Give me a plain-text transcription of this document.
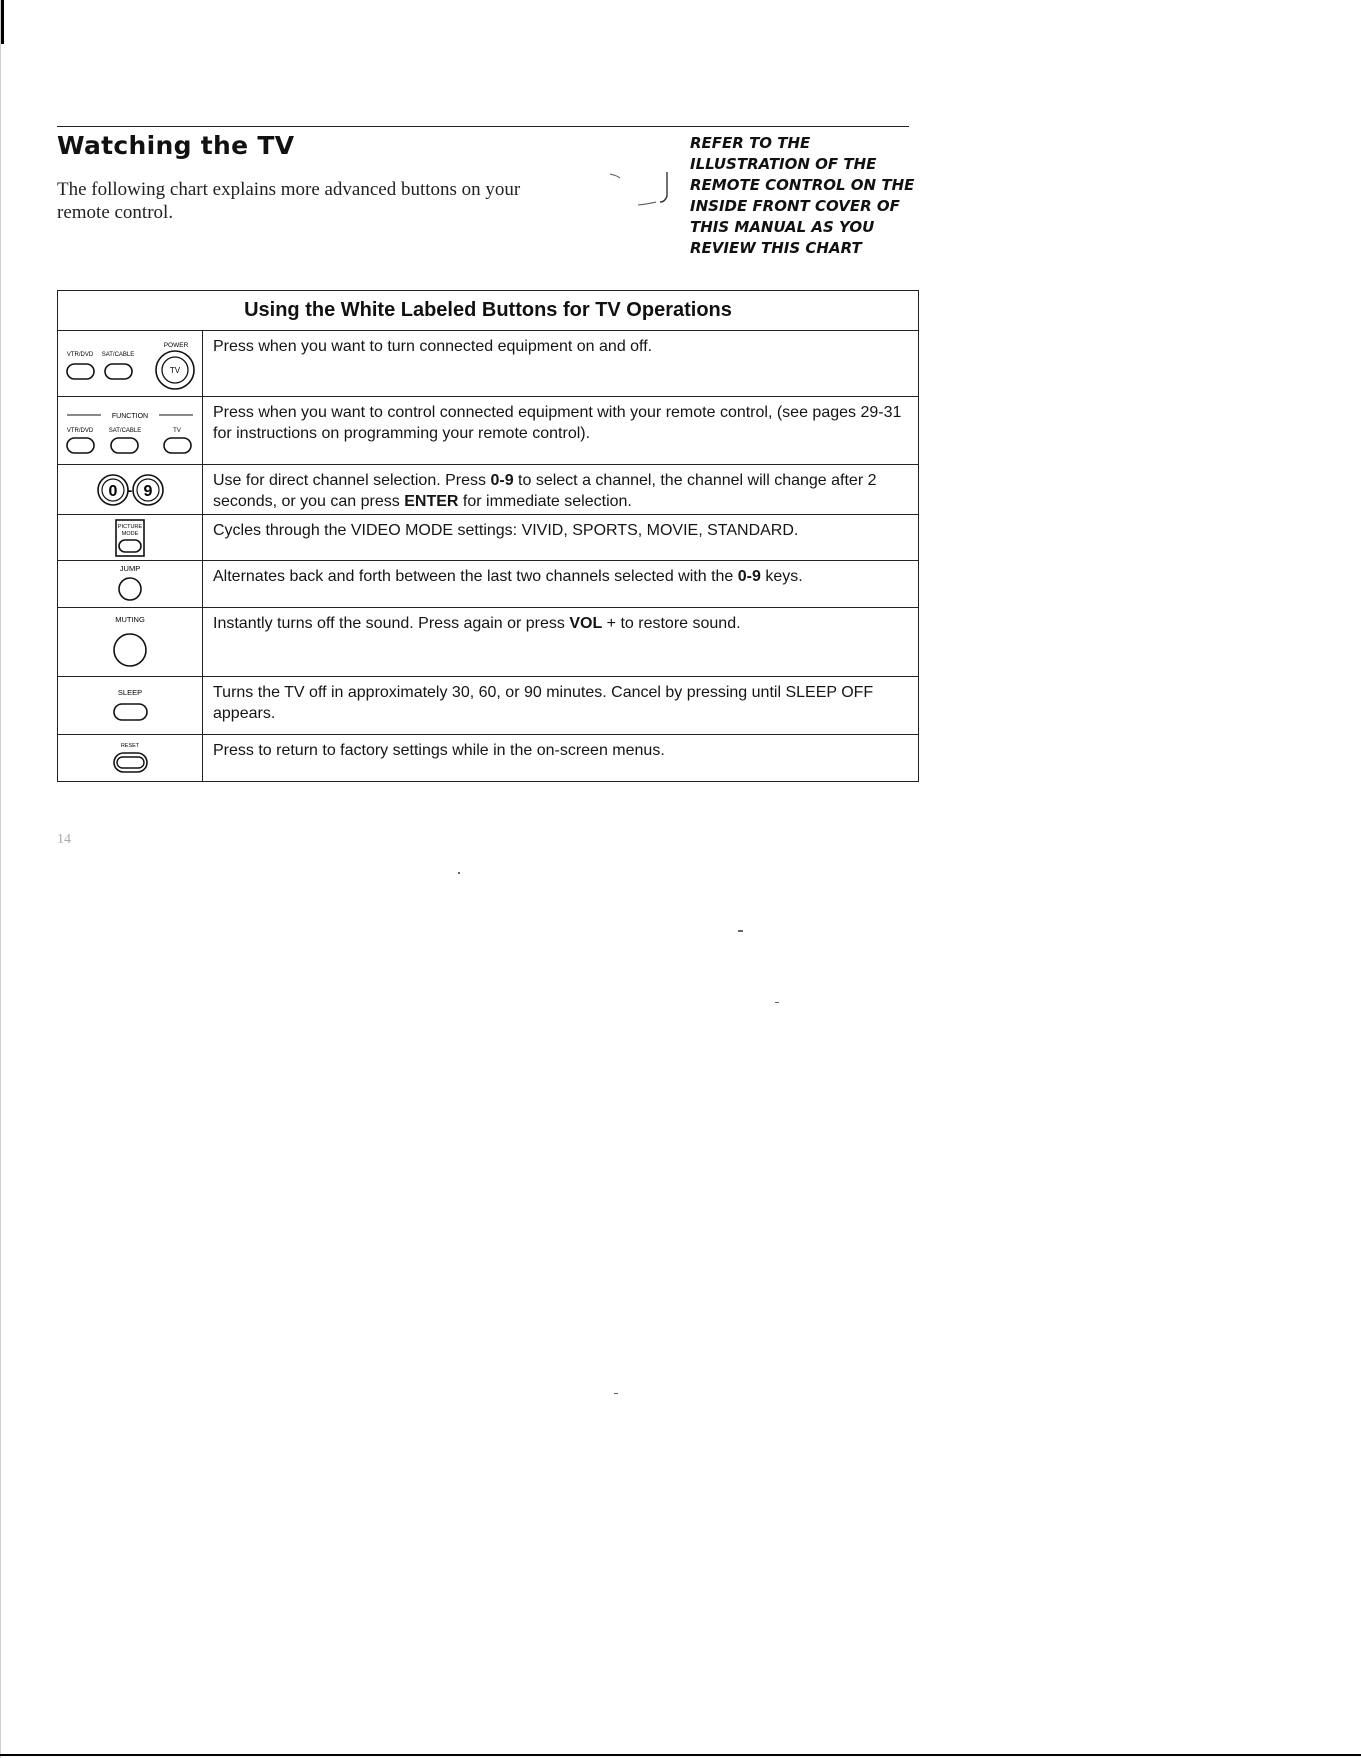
Watching the TV

The following chart explains more advanced buttons on your remote control.

REFER TO THE
ILLUSTRATION OF THE
REMOTE CONTROL ON THE
INSIDE FRONT COVER OF
THIS MANUAL AS YOU
REVIEW THIS CHART

Using the White Labeled Buttons for TV Operations	

POWER
VTR/DVD SAT/CABLE
TV	Press when you want to turn connected equipment on and off.

FUNCTION
VTR/DVD SAT/CABLE TV	Press when you want to control connected equipment with your remote control, (see pages 29-31 for instructions on programming your remote control).

0 - 9	Use for direct channel selection. Press 0-9 to select a channel, the channel will change after 2 seconds, or you can press ENTER for immediate selection.

PICTURE
MODE	Cycles through the VIDEO MODE settings: VIVID, SPORTS, MOVIE, STANDARD.

JUMP	Alternates back and forth between the last two channels selected with the 0-9 keys.

MUTING	Instantly turns off the sound. Press again or press VOL + to restore sound.

SLEEP	Turns the TV off in approximately 30, 60, or 90 minutes. Cancel by pressing until SLEEP OFF appears.

RESET	Press to return to factory settings while in the on-screen menus.
14
